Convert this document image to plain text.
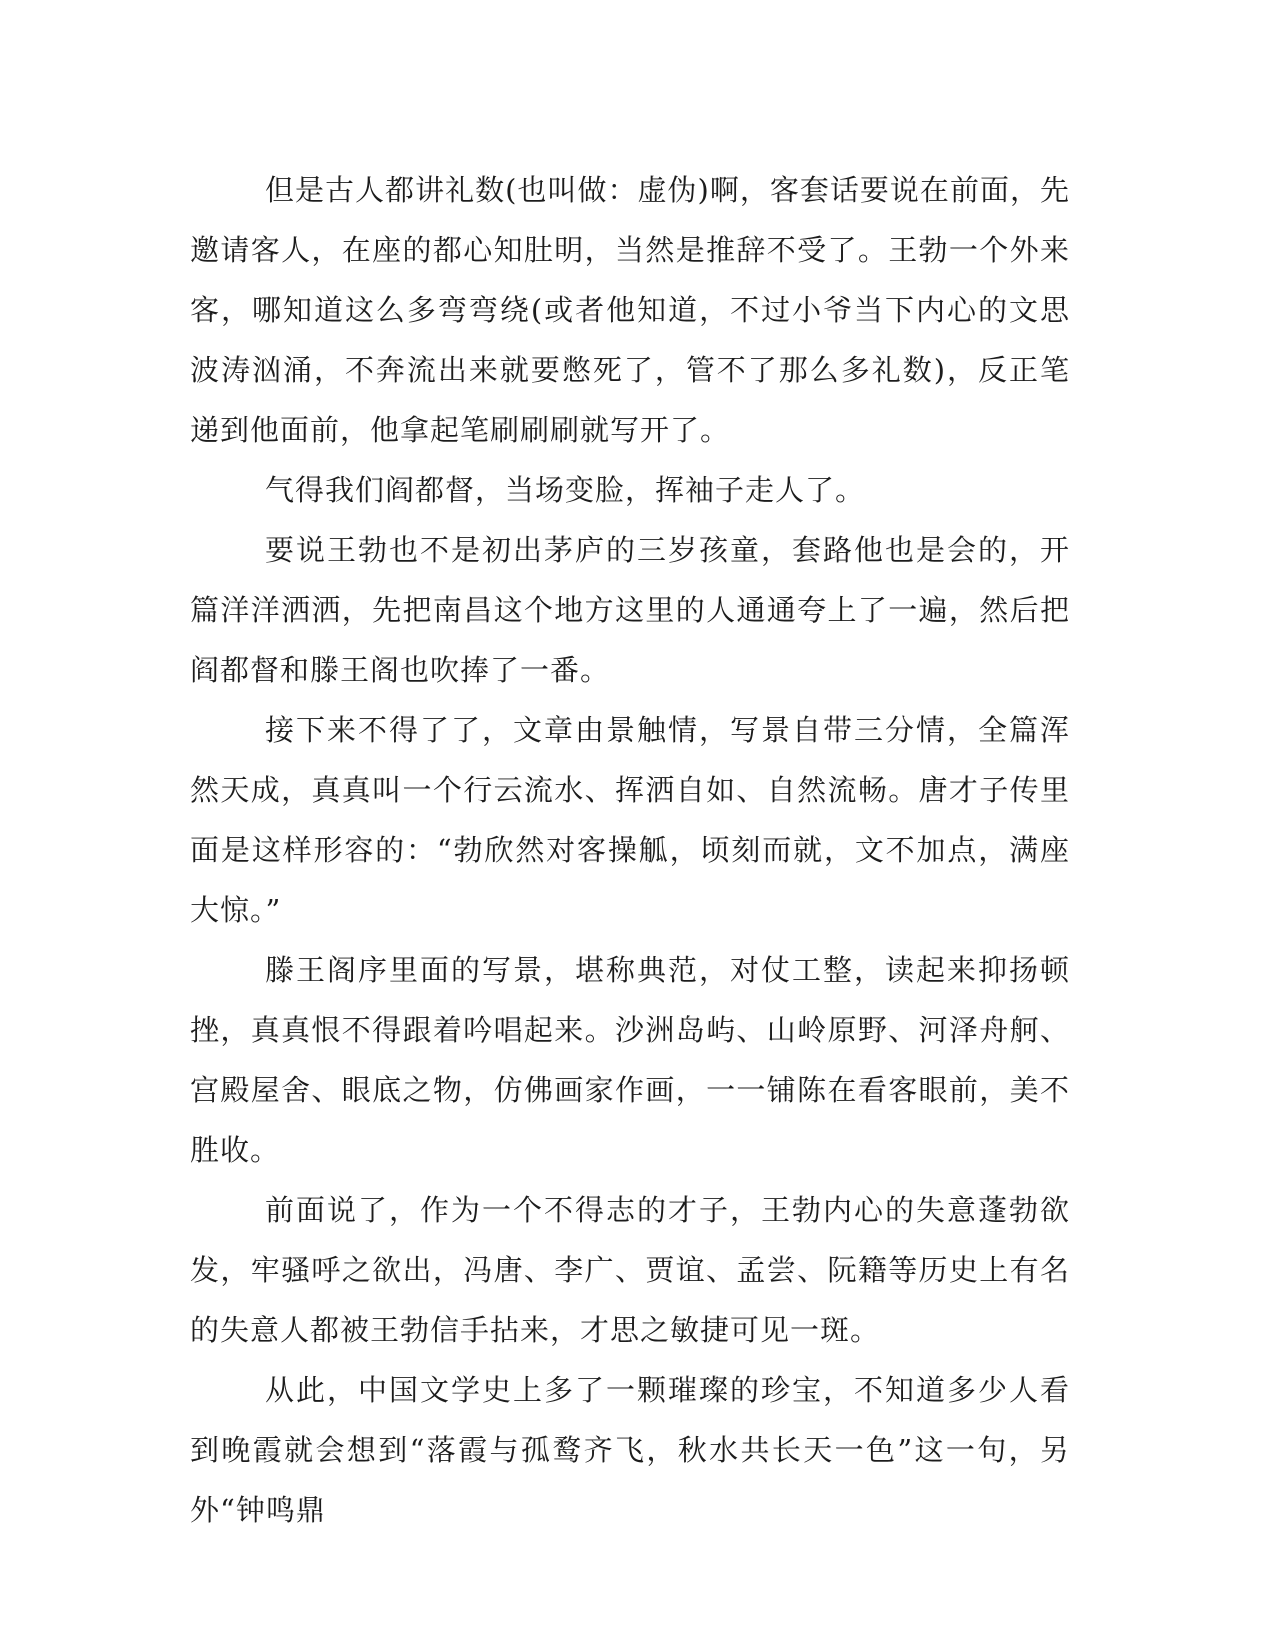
但是古人都讲礼数(也叫做：虚伪)啊，客套话要说在前面，先邀请客人，在座的都心知肚明，当然是推辞不受了。王勃一个外来客，哪知道这么多弯弯绕(或者他知道，不过小爷当下内心的文思波涛汹涌，不奔流出来就要憋死了，管不了那么多礼数)，反正笔递到他面前，他拿起笔刷刷刷就写开了。

气得我们阎都督，当场变脸，挥袖子走人了。

要说王勃也不是初出茅庐的三岁孩童，套路他也是会的，开篇洋洋洒洒，先把南昌这个地方这里的人通通夸上了一遍，然后把阎都督和滕王阁也吹捧了一番。

接下来不得了了，文章由景触情，写景自带三分情，全篇浑然天成，真真叫一个行云流水、挥洒自如、自然流畅。唐才子传里面是这样形容的：“勃欣然对客操觚，顷刻而就，文不加点，满座大惊。”

滕王阁序里面的写景，堪称典范，对仗工整，读起来抑扬顿挫，真真恨不得跟着吟唱起来。沙洲岛屿、山岭原野、河泽舟舸、宫殿屋舍、眼底之物，仿佛画家作画，一一铺陈在看客眼前，美不胜收。

前面说了，作为一个不得志的才子，王勃内心的失意蓬勃欲发，牢骚呼之欲出，冯唐、李广、贾谊、孟尝、阮籍等历史上有名的失意人都被王勃信手拈来，才思之敏捷可见一斑。

从此，中国文学史上多了一颗璀璨的珍宝，不知道多少人看到晚霞就会想到“落霞与孤鹜齐飞，秋水共长天一色”这一句，另外“钟鸣鼎
